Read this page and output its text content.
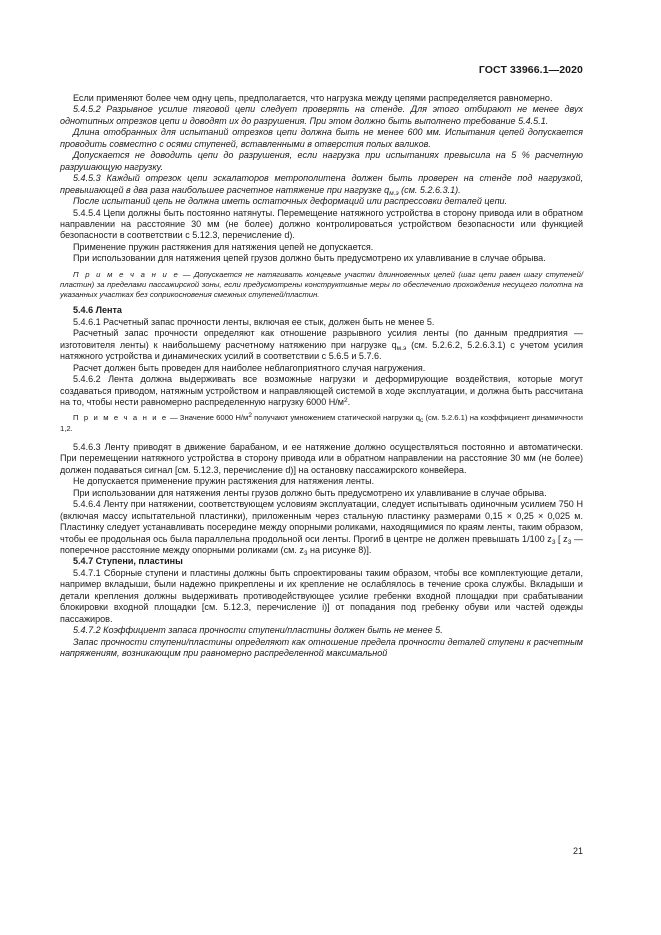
ГОСТ 33966.1—2020

Если применяют более чем одну цепь, предполагается, что нагрузка между цепями распределяется равномерно.

5.4.5.2 Разрывное усилие тяговой цепи следует проверять на стенде. Для этого отбирают не менее двух однотипных отрезков цепи и доводят их до разрушения. При этом должно быть выполнено требование 5.4.5.1.

Длина отобранных для испытаний отрезков цепи должна быть не менее 600 мм. Испытания цепей допускается проводить совместно с осями ступеней, вставленными в отверстия полых валиков.

Допускается не доводить цепи до разрушения, если нагрузка при испытаниях превысила на 5 % расчетную разрушающую нагрузку.

5.4.5.3 Каждый отрезок цепи эскалаторов метрополитена должен быть проверен на стенде под нагрузкой, превышающей в два раза наибольшее расчетное натяжение при нагрузке $q_{м.э}$ (см. 5.2.6.3.1).

После испытаний цепь не должна иметь остаточных деформаций или распрессовки деталей цепи.

5.4.5.4 Цепи должны быть постоянно натянуты. Перемещение натяжного устройства в сторону привода или в обратном направлении на расстояние 30 мм (не более) должно контролироваться устройством безопасности или функцией безопасности в соответствии с 5.12.3, перечисление d).

Применение пружин растяжения для натяжения цепей не допускается.

При использовании для натяжения цепей грузов должно быть предусмотрено их улавливание в случае обрыва.

П р и м е ч а н и е — Допускается не натягивать концевые участки длинновенных цепей (шаг цепи равен шагу ступеней/пластин) за пределами пассажирской зоны, если предусмотрены конструктивные меры по обеспечению прохождения несущего полотна на указанных участках без соприкосновения смежных ступеней/пластин.

5.4.6 Лента

5.4.6.1 Расчетный запас прочности ленты, включая ее стык, должен быть не менее 5.

Расчетный запас прочности определяют как отношение разрывного усилия ленты (по данным предприятия — изготовителя ленты) к наибольшему расчетному натяжению при нагрузке $q_{м.э}$ (см. 5.2.6.2, 5.2.6.3.1) с учетом усилия натяжного устройства и динамических усилий в соответствии с 5.6.5 и 5.7.6.

Расчет должен быть проведен для наиболее неблагоприятного случая нагружения.

5.4.6.2 Лента должна выдерживать все возможные нагрузки и деформирующие воздействия, которые могут создаваться приводом, натяжным устройством и направляющей системой в ходе эксплуатации, и должна быть рассчитана на то, чтобы нести равномерно распределенную нагрузку 6000 $Н/м^2$.

П р и м е ч а н и е — Значение 6000 $Н/м^2$ получают умножением статической нагрузки $q_с$ (см. 5.2.6.1) на коэффициент динамичности 1,2.

5.4.6.3 Ленту приводят в движение барабаном, и ее натяжение должно осуществляться постоянно и автоматически. При перемещении натяжного устройства в сторону привода или в обратном направлении на расстояние 30 мм (не более) должен подаваться сигнал [см. 5.12.3, перечисление d)] на остановку пассажирского конвейера.

Не допускается применение пружин растяжения для натяжения ленты.

При использовании для натяжения ленты грузов должно быть предусмотрено их улавливание в случае обрыва.

5.4.6.4 Ленту при натяжении, соответствующем условиям эксплуатации, следует испытывать одиночным усилием 750 Н (включая массу испытательной пластинки), приложенным через стальную пластинку размерами 0,15 × 0,25 × 0,025 м. Пластинку следует устанавливать посередине между опорными роликами, находящимися по краям ленты, таким образом, чтобы ее продольная ось была параллельна продольной оси ленты. Прогиб в центре не должен превышать 1/100 $z_3$ [ $z_3$ — поперечное расстояние между опорными роликами (см. $z_3$ на рисунке 8)].

5.4.7 Ступени, пластины

5.4.7.1 Сборные ступени и пластины должны быть спроектированы таким образом, чтобы все комплектующие детали, например вкладыши, были надежно прикреплены и их крепление не ослаблялось в течение срока службы. Вкладыши и детали крепления должны выдерживать противодействующее усилие гребенки входной площадки при срабатывании блокировки входной площадки [см. 5.12.3, перечисление i)] от попадания под гребенку обуви или частей одежды пассажиров.

5.4.7.2 Коэффициент запаса прочности ступени/пластины должен быть не менее 5.

Запас прочности ступени/пластины определяют как отношение предела прочности деталей ступени к расчетным напряжениям, возникающим при равномерно распределенной максимальной

21
